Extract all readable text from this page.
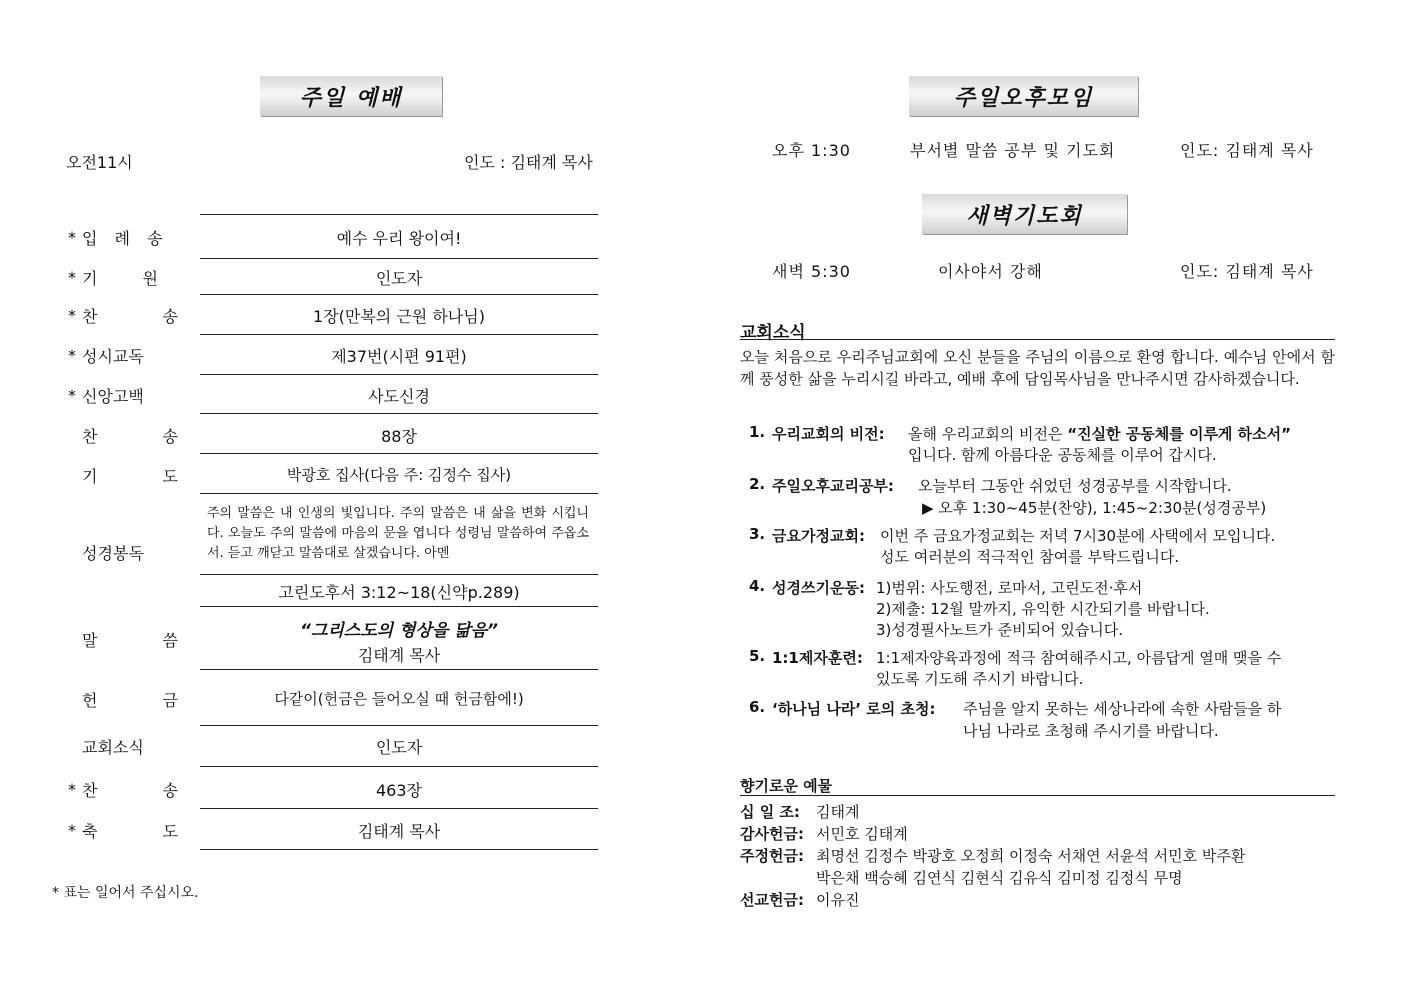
주일 예배
오전11시	인도 : 김태계 목사
* 입 례 송	예수 우리 왕이여!
* 기 원	인도자
* 찬 송	1장(만복의 근원 하나님)
* 성시교독	제37번(시편 91편)
* 신앙고백	사도신경
찬 송	88장
기 도	박광호 집사(다음 주: 김정수 집사)
성경봉독
주의 말씀은 내 인생의 빛입니다. 주의 말씀은 내 삶을 변화 시킵니다. 오늘도 주의 말씀에 마음의 문을 엽니다 성령님 말씀하여 주옵소서. 듣고 깨닫고 말씀대로 살겠습니다. 아멘
고린도후서 3:12~18(신약p.289)
말 씀	“그리스도의 형상을 닮음”
김태계 목사
헌 금	다같이(헌금은 들어오실 때 헌금함에!)
교회소식	인도자
* 찬 송	463장
* 축 도	김태계 목사
* 표는 일어서 주십시오.
주일오후모임
오후 1:30	부서별 말씀 공부 및 기도회	인도: 김태계 목사
새벽기도회
새벽 5:30	이사야서 강해	인도: 김태계 목사
교회소식
오늘 처음으로 우리주님교회에 오신 분들을 주님의 이름으로 환영 합니다. 예수님 안에서 함께 풍성한 삶을 누리시길 바라고, 예배 후에 담임목사님을 만나주시면 감사하겠습니다.
1. 우리교회의 비전: 올해 우리교회의 비전은 “진실한 공동체를 이루게 하소서”
입니다. 함께 아름다운 공동체를 이루어 갑시다.
2. 주일오후교리공부: 오늘부터 그동안 쉬었던 성경공부를 시작합니다.
▶ 오후 1:30~45분(찬양), 1:45~2:30분(성경공부)
3. 금요가정교회: 이번 주 금요가정교회는 저녁 7시30분에 사택에서 모입니다.
성도 여러분의 적극적인 참여를 부탁드립니다.
4. 성경쓰기운동: 1)범위: 사도행전, 로마서, 고린도전·후서
2)제출: 12월 말까지, 유익한 시간되기를 바랍니다.
3)성경필사노트가 준비되어 있습니다.
5. 1:1제자훈련: 1:1제자양육과정에 적극 참여해주시고, 아름답게 열매 맺을 수
있도록 기도해 주시기 바랍니다.
6. ‘하나님 나라’ 로의 초청: 주님을 알지 못하는 세상나라에 속한 사람들을 하
나님 나라로 초청해 주시기를 바랍니다.
향기로운 예물
십 일 조: 김태계
감사헌금: 서민호 김태계
주정헌금: 최명선 김정수 박광호 오정희 이정숙 서채연 서윤석 서민호 박주환
박은채 백승혜 김연식 김현식 김유식 김미정 김정식 무명
선교헌금: 이유진
